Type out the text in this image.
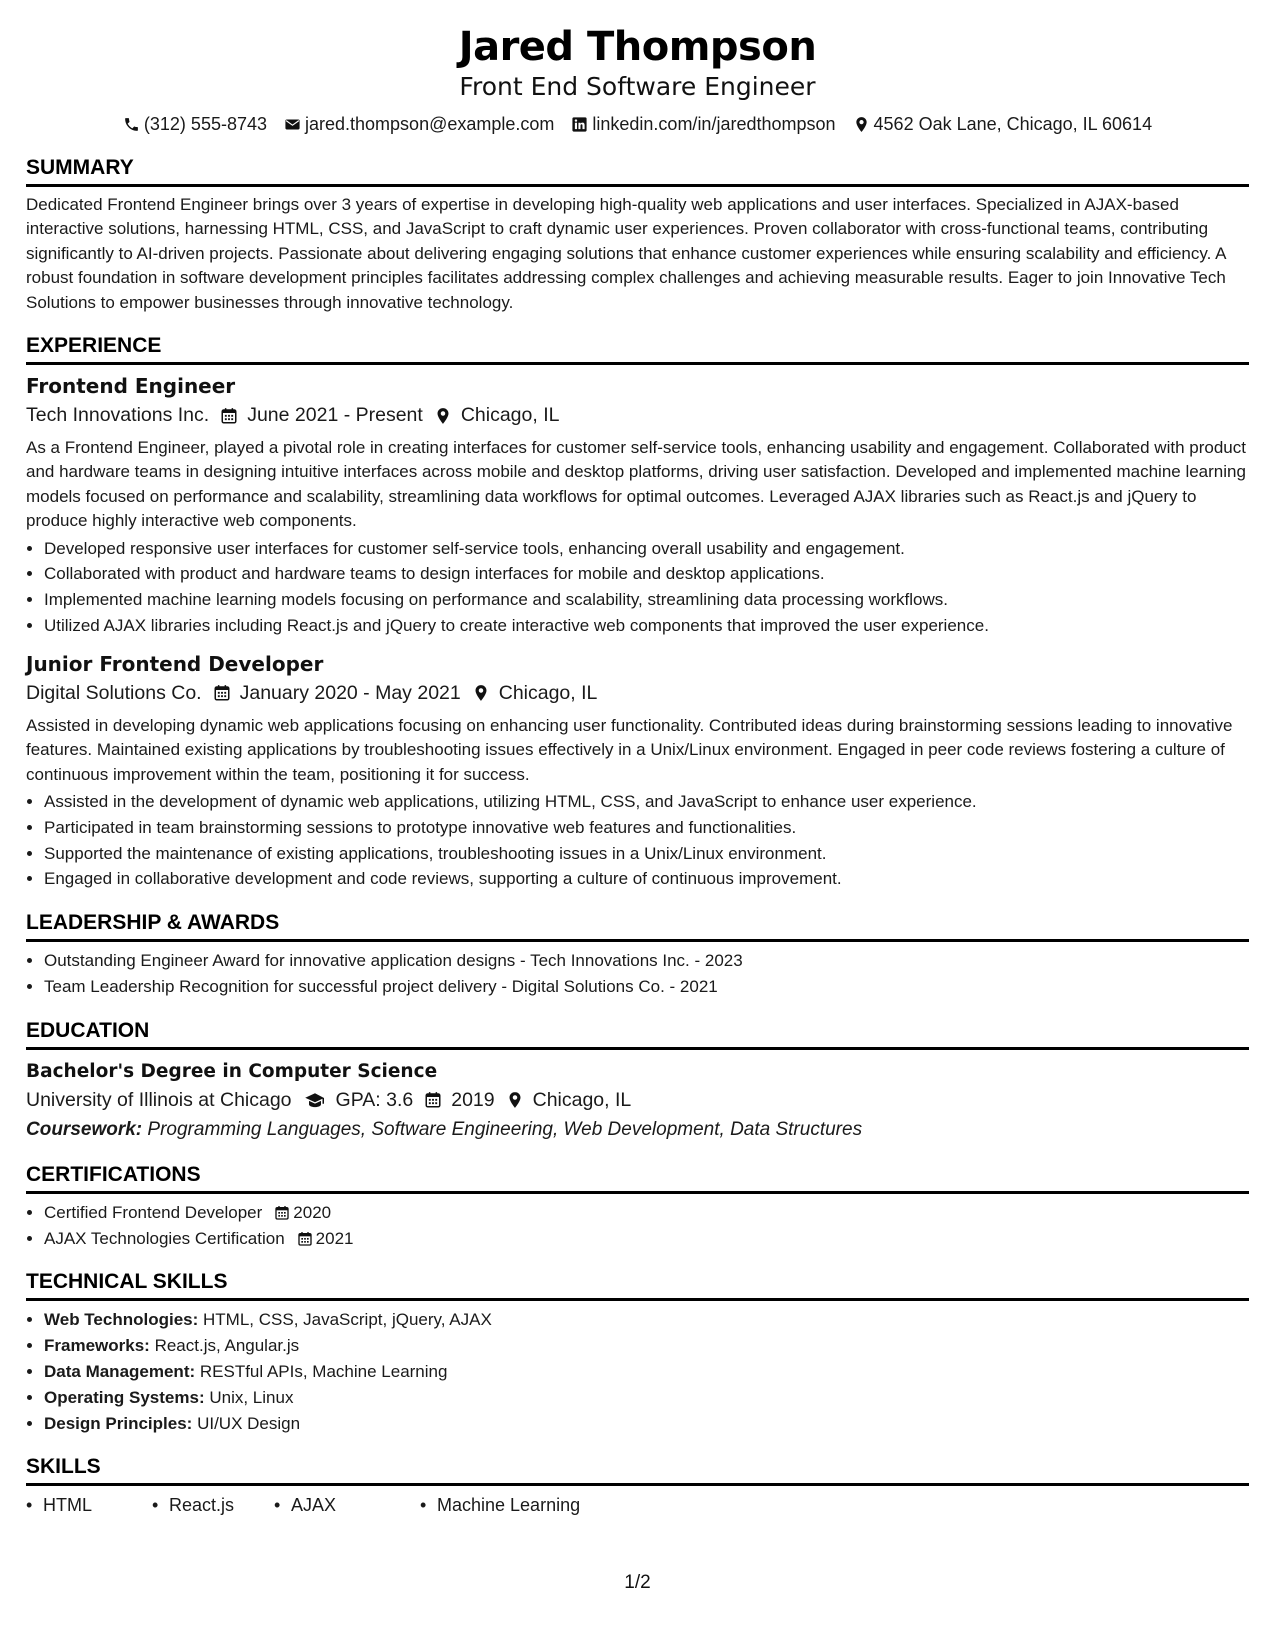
Jared Thompson
Front End Software Engineer
(312) 555-8743 jared.thompson@example.com linkedin.com/in/jaredthompson 4562 Oak Lane, Chicago, IL 60614
SUMMARY

Dedicated Frontend Engineer brings over 3 years of expertise in developing high-quality web applications and user interfaces. Specialized in AJAX-based interactive solutions, harnessing HTML, CSS, and JavaScript to craft dynamic user experiences. Proven collaborator with cross-functional teams, contributing significantly to AI-driven projects. Passionate about delivering engaging solutions that enhance customer experiences while ensuring scalability and efficiency. A robust foundation in software development principles facilitates addressing complex challenges and achieving measurable results. Eager to join Innovative Tech Solutions to empower businesses through innovative technology.

EXPERIENCE
Frontend Engineer
Tech Innovations Inc. June 2021 - Present Chicago, IL

As a Frontend Engineer, played a pivotal role in creating interfaces for customer self-service tools, enhancing usability and engagement. Collaborated with product and hardware teams in designing intuitive interfaces across mobile and desktop platforms, driving user satisfaction. Developed and implemented machine learning models focused on performance and scalability, streamlining data workflows for optimal outcomes. Leveraged AJAX libraries such as React.js and jQuery to produce highly interactive web components.

• Developed responsive user interfaces for customer self-service tools, enhancing overall usability and engagement.
• Collaborated with product and hardware teams to design interfaces for mobile and desktop applications.
• Implemented machine learning models focusing on performance and scalability, streamlining data processing workflows.
• Utilized AJAX libraries including React.js and jQuery to create interactive web components that improved the user experience.
Junior Frontend Developer
Digital Solutions Co. January 2020 - May 2021 Chicago, IL

Assisted in developing dynamic web applications focusing on enhancing user functionality. Contributed ideas during brainstorming sessions leading to innovative features. Maintained existing applications by troubleshooting issues effectively in a Unix/Linux environment. Engaged in peer code reviews fostering a culture of continuous improvement within the team, positioning it for success.

• Assisted in the development of dynamic web applications, utilizing HTML, CSS, and JavaScript to enhance user experience.
• Participated in team brainstorming sessions to prototype innovative web features and functionalities.
• Supported the maintenance of existing applications, troubleshooting issues in a Unix/Linux environment.
• Engaged in collaborative development and code reviews, supporting a culture of continuous improvement.
LEADERSHIP & AWARDS
• Outstanding Engineer Award for innovative application designs - Tech Innovations Inc. - 2023
• Team Leadership Recognition for successful project delivery - Digital Solutions Co. - 2021
EDUCATION
Bachelor's Degree in Computer Science
University of Illinois at Chicago GPA: 3.6 2019 Chicago, IL
Coursework: Programming Languages, Software Engineering, Web Development, Data Structures
CERTIFICATIONS
• Certified Frontend Developer 2020
• AJAX Technologies Certification 2021
TECHNICAL SKILLS
• Web Technologies: HTML, CSS, JavaScript, jQuery, AJAX
• Frameworks: React.js, Angular.js
• Data Management: RESTful APIs, Machine Learning
• Operating Systems: Unix, Linux
• Design Principles: UI/UX Design
SKILLS
• HTML	• React.js	• AJAX	• Machine Learning
1/2
